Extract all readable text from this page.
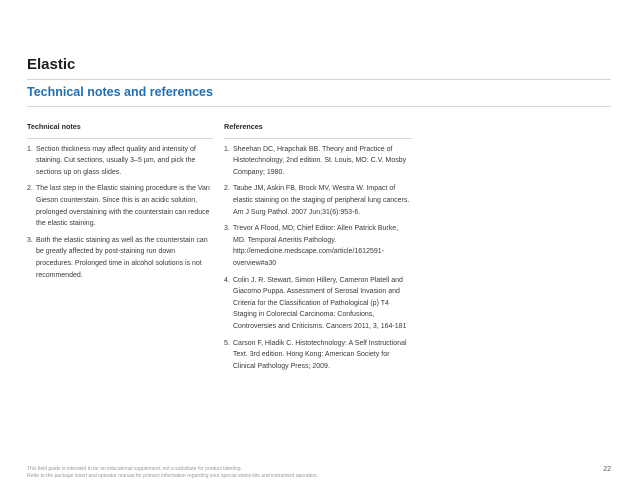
Elastic
Technical notes and references
Technical notes
1. Section thickness may affect quality and intensity of staining. Cut sections, usually 3–5 µm, and pick the sections up on glass slides.
2. The last step in the Elastic staining procedure is the Van Gieson counterstain. Since this is an acidic solution, prolonged overstaining with the counterstain can reduce the elastic staining.
3. Both the elastic staining as well as the counterstain can be greatly affected by post-staining run down procedures. Prolonged time in alcohol solutions is not recommended.
References
1. Sheehan DC, Hrapchak BB. Theory and Practice of Histotechnology, 2nd edition. St. Louis, MO: C.V. Mosby Company; 1980.
2. Taube JM, Askin FB, Brock MV, Westra W. Impact of elastic staining on the staging of peripheral lung cancers. Am J Surg Pathol. 2007 Jun;31(6):953-6.
3. Trevor A Flood, MD; Chief Editor: Allen Patrick Burke, MD. Temporal Arteritis Pathology. http://emedicine.medscape.com/article/1612591-overview#a30
4. Colin J. R. Stewart, Simon Hillery, Cameron Platell and Giacomo Puppa. Assessment of Serosal Invasion and Criteria for the Classification of Pathological (p) T4 Staging in Colorectal Carcinoma: Confusions, Controversies and Criticisms. Cancers 2011, 3, 164-181
5. Carson F, Hladik C. Histotechnology: A Self Instructional Text. 3rd edition. Hong Kong: American Society for Clinical Pathology Press; 2009.
This field guide is intended to be an educational supplement, not a substitute for product labeling.
Refer to the package insert and operator manual for primary information regarding your special stains kits and instrument operation.
22
